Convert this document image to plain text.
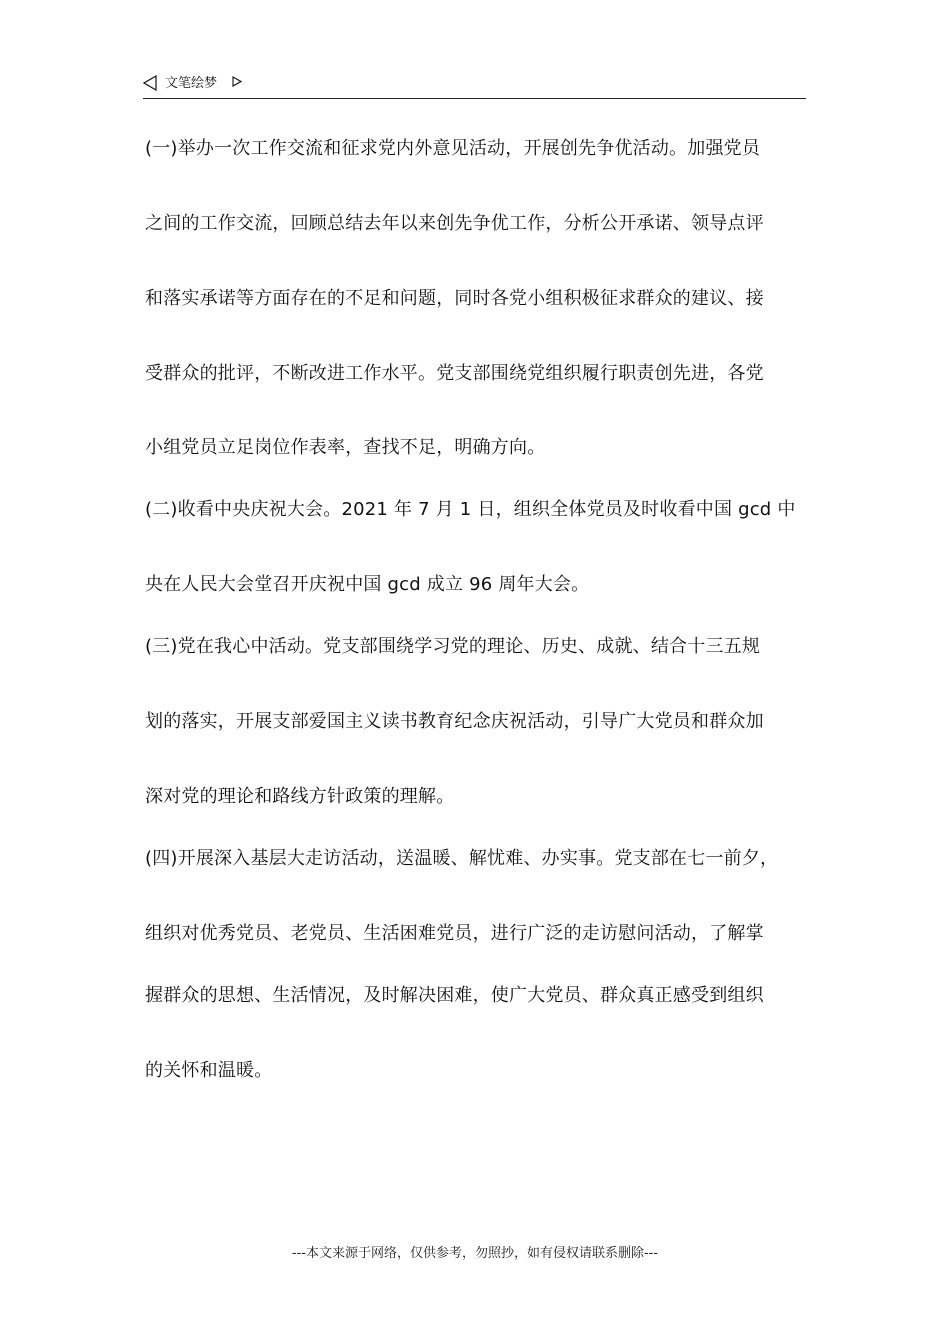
文笔绘梦
(一)举办一次工作交流和征求党内外意见活动，开展创先争优活动。加强党员
之间的工作交流，回顾总结去年以来创先争优工作，分析公开承诺、领导点评
和落实承诺等方面存在的不足和问题，同时各党小组积极征求群众的建议、接
受群众的批评，不断改进工作水平。党支部围绕党组织履行职责创先进，各党
小组党员立足岗位作表率，查找不足，明确方向。
(二)收看中央庆祝大会。2021 年 7 月 1 日，组织全体党员及时收看中国 gcd 中
央在人民大会堂召开庆祝中国 gcd 成立 96 周年大会。
(三)党在我心中活动。党支部围绕学习党的理论、历史、成就、结合十三五规
划的落实，开展支部爱国主义读书教育纪念庆祝活动，引导广大党员和群众加
深对党的理论和路线方针政策的理解。
(四)开展深入基层大走访活动，送温暖、解忧难、办实事。党支部在七一前夕，
组织对优秀党员、老党员、生活困难党员，进行广泛的走访慰问活动，了解掌
握群众的思想、生活情况，及时解决困难，使广大党员、群众真正感受到组织
的关怀和温暖。
---本文来源于网络，仅供参考，勿照抄，如有侵权请联系删除---
